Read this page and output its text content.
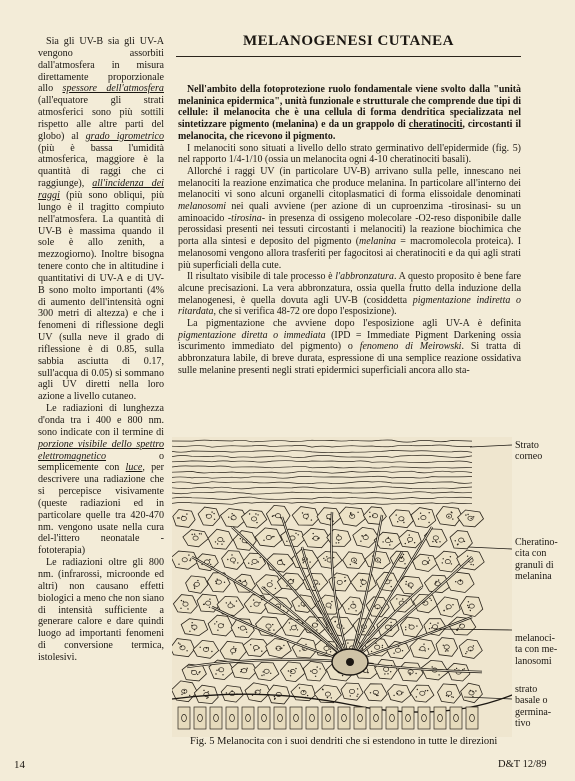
Sia gli UV-B sia gli UV-A vengono assorbiti dall'atmosfera in misura direttamente proporzionale allo spessore dell'atmosfera (all'equatore gli strati atmosferici sono più sottili rispetto alle altre parti del globo) al grado igrometrico (più è bassa l'umidità atmosferica, maggiore è la quantità di raggi che ci raggiunge), all'incidenza dei raggi (più sono obliqui, più lungo è il tragitto compiuto nell'atmosfera. La quantità di UV-B è massima quando il sole è allo zenith, a mezzogiorno). Inoltre bisogna tenere conto che in altitudine i quantitativi di UV-A e di UV-B sono molto importanti (4% di aumento dell'intensità ogni 300 metri di altezza) e che i fenomeni di riflessione degli UV (sulla neve il grado di riflessione è di 0.85, sulla sabbia asciutta di 0.17, sull'acqua di 0.05) si sommano agli UV diretti nella loro azione a livello cutaneo.

Le radiazioni di lunghezza d'onda tra i 400 e 800 nm. sono indicate con il termine di porzione visibile dello spettro elettromagnetico o semplicemente con luce, per descrivere una radiazione che si percepisce visivamente (queste radiazioni ed in particolare quelle tra 420-470 nm. vengono usate nella cura del-l'ittero neonatale -fototerapia)

Le radiazioni oltre gli 800 nm. (infrarossi, microonde ed altri) non causano effetti biologici a meno che non siano di intensità sufficiente a generare calore e dare quindi luogo ad importanti fenomeni di conversione termica, istolesivi.

MELANOGENESI CUTANEA

Nell'ambito della fotoprotezione ruolo fondamentale viene svolto dalla "unità melaninica epidermica", unità funzionale e strutturale che comprende due tipi di cellule: il melanocita che è una cellula di forma dendritica specializzata nel sintetizzare pigmento (melanina) e da un grappolo di cheratinociti, circostanti il melanocita, che ricevono il pigmento.

I melanociti sono situati a livello dello strato germinativo dell'epidermide (fig. 5) nel rapporto 1/4-1/10 (ossia un melanocita ogni 4-10 cheratinociti basali).

Allorché i raggi UV (in particolare UV-B) arrivano sulla pelle, innescano nei melanociti la reazione enzimatica che produce melanina. In particolare all'interno dei melanociti vi sono alcuni organelli citoplasmatici di forma elissoidale denominati melanosomi nei quali avviene (per azione di un cuproenzima -tirosinasi- su un aminoacido -tirosina- in presenza di ossigeno molecolare -O2-reso disponibile dalle perossidasi presenti nei tessuti circostanti i melanociti) la reazione biochimica che porta alla sintesi e deposito del pigmento (melanina = macromolecola proteica). I melanosomi vengono allora trasferiti per fagocitosi ai cheratinociti e da qui agli strati più superficiali della cute.

Il risultato visibile di tale processo è l'abbronzatura. A questo proposito è bene fare alcune precisazioni. La vera abbronzatura, ossia quella frutto della induzione della melanogenesi, è quella dovuta agli UV-B (cosiddetta pigmentazione indiretta o ritardata, che si verifica 48-72 ore dopo l'esposizione).

La pigmentazione che avviene dopo l'esposizione agli UV-A è definita pigmentazione diretta o immediata (IPD = Immediate Pigment Darkening ossia iscurimento immediato del pigmento) o fenomeno di Meirowski. Si tratta di abbronzatura labile, di breve durata, espressione di una semplice reazione ossidativa sulle melanine presenti negli strati epidermici superficiali ancora allo sta-

Strato
corneo
Cheratino-
cita con
granuli di
melanina
melanoci-
ta con me-
lanosomi
strato
basale o
germina-
tivo
Fig. 5 Melanocita con i suoi dendriti che si estendono in tutte le direzioni
14	D&T 12/89
